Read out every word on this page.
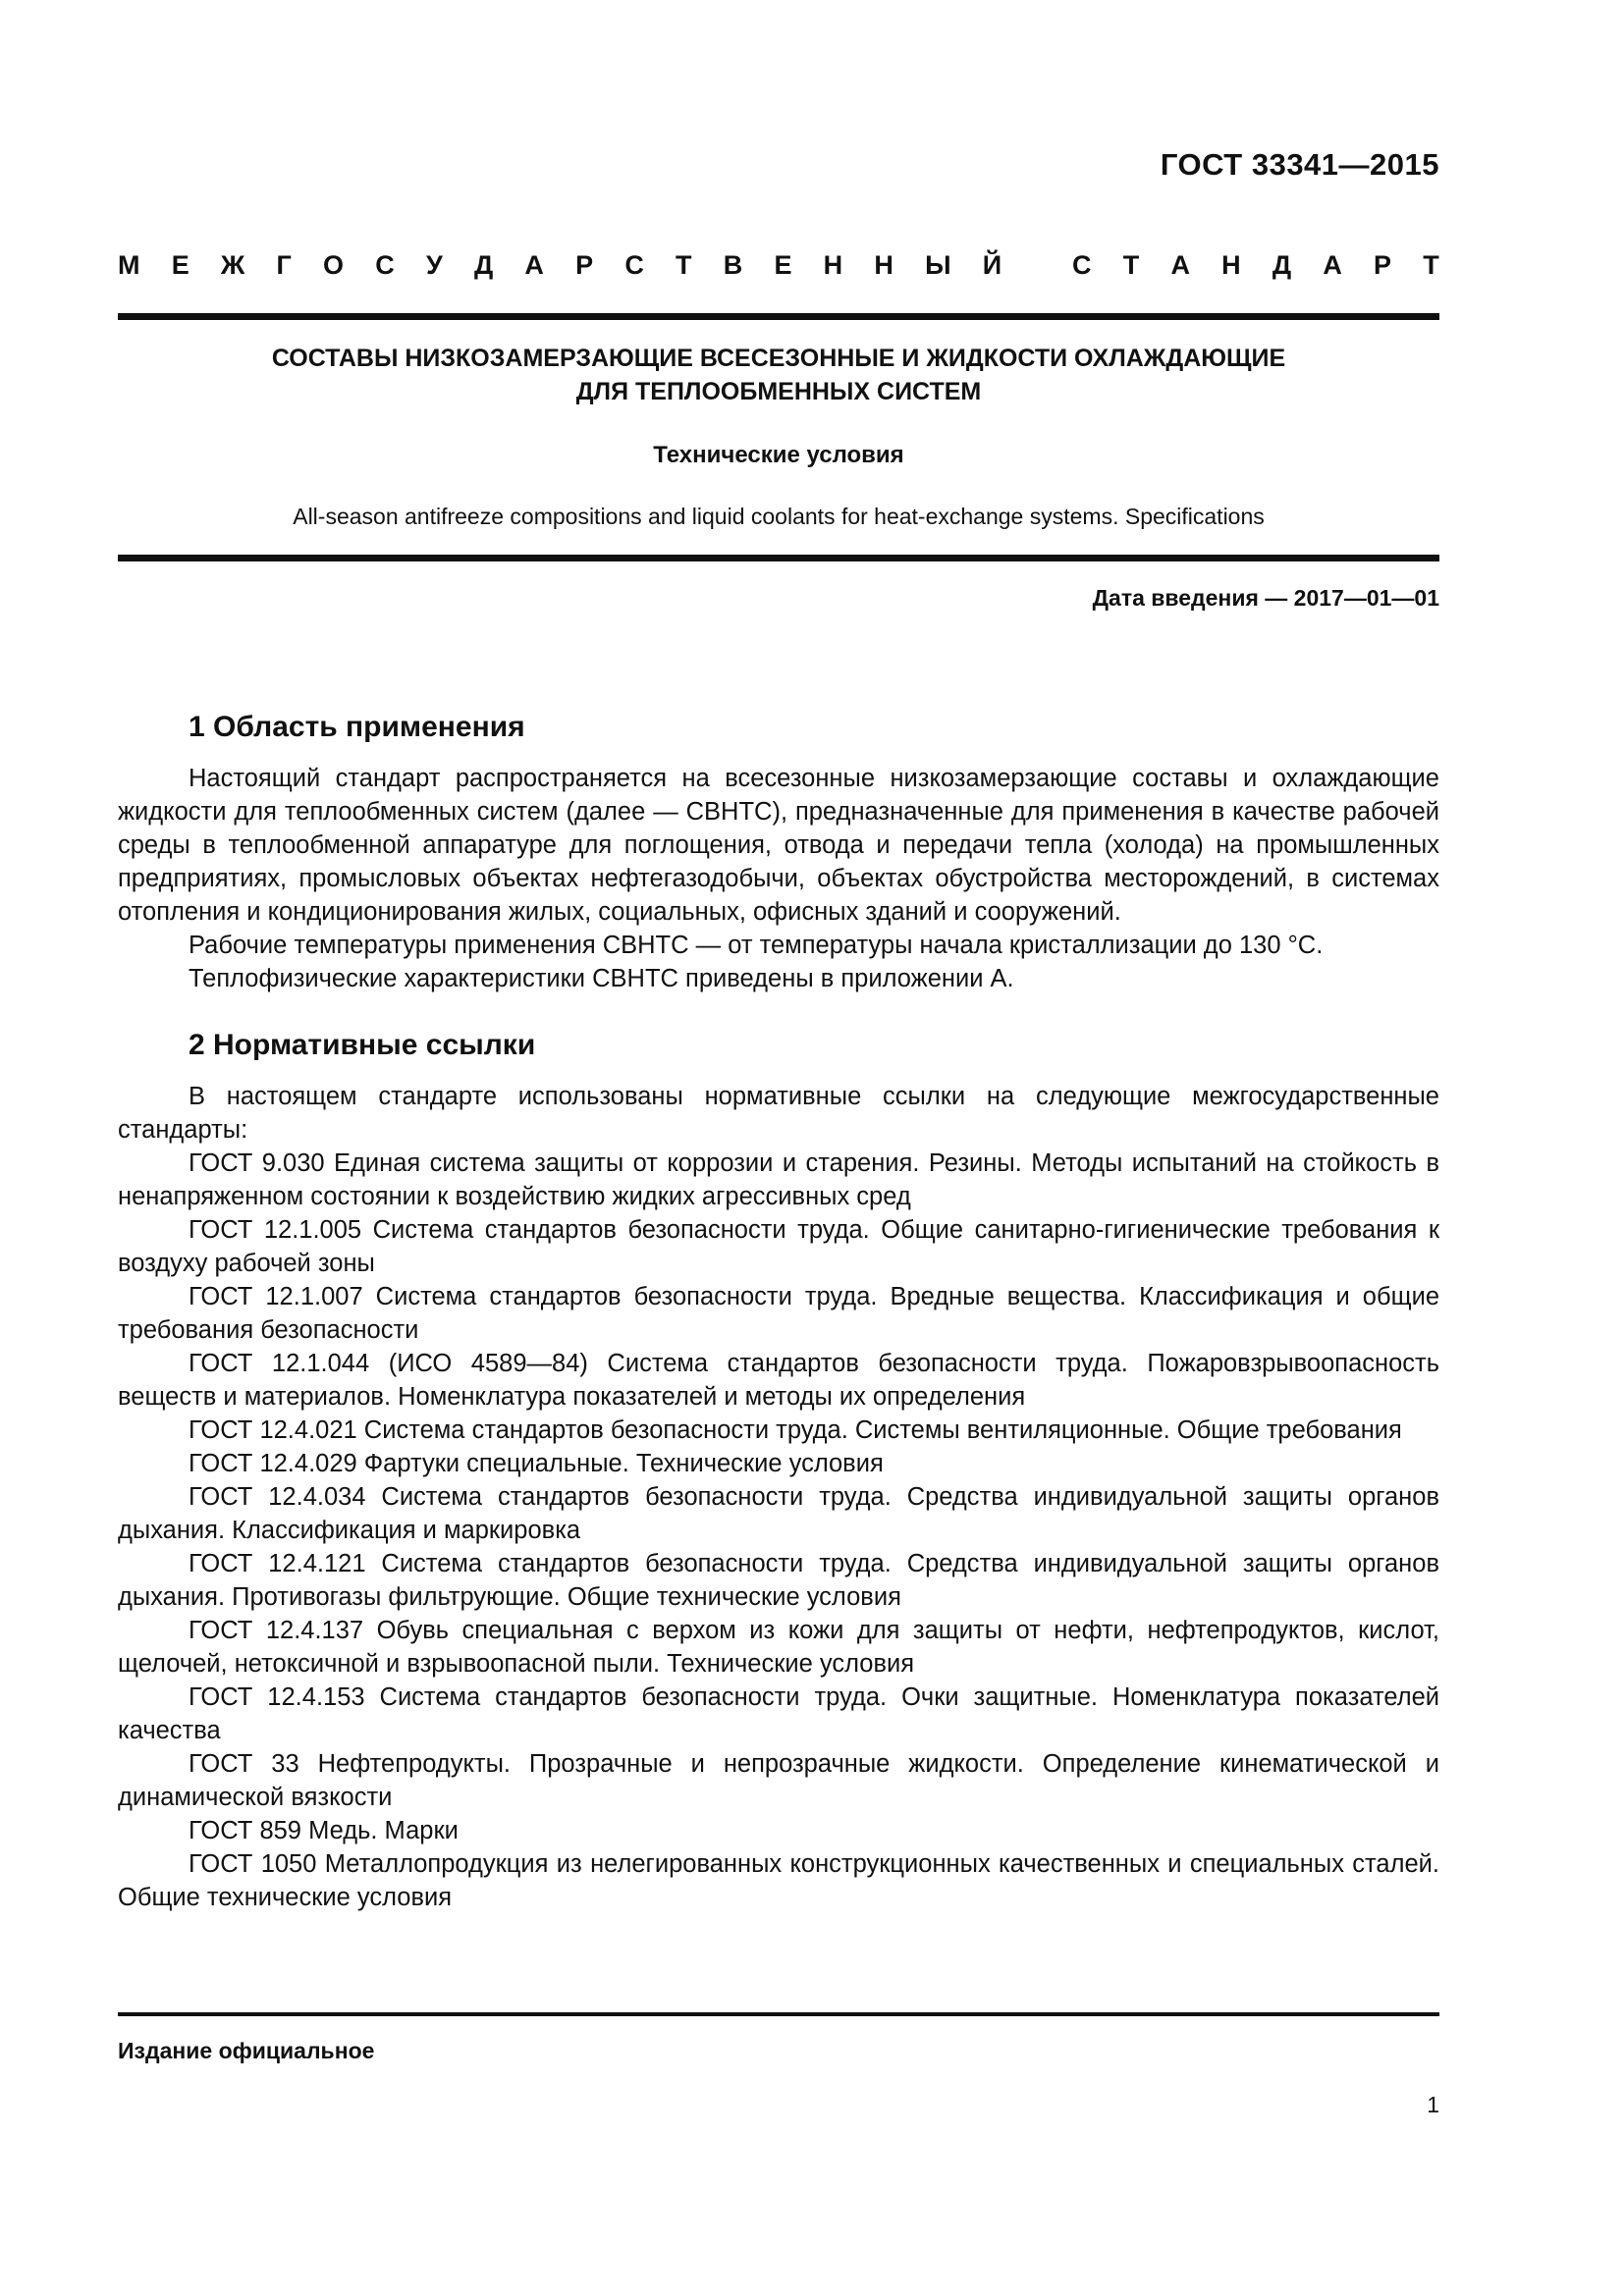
ГОСТ 33341—2015
М Е Ж Г О С У Д А Р С Т В Е Н Н Ы Й
	С Т А Н Д А Р Т
СОСТАВЫ НИЗКОЗАМЕРЗАЮЩИЕ ВСЕСЕЗОННЫЕ И ЖИДКОСТИ ОХЛАЖДАЮЩИЕ
ДЛЯ ТЕПЛООБМЕННЫХ СИСТЕМ
Технические условия
All-season antifreeze compositions and liquid coolants for heat-exchange systems. Specifications
Дата введения — 2017—01—01
1 Область применения

Настоящий стандарт распространяется на всесезонные низкозамерзающие составы и охлаждающие жидкости для теплообменных систем (далее — СВНТС), предназначенные для применения в качестве рабочей среды в теплообменной аппаратуре для поглощения, отвода и передачи тепла (холода) на промышленных предприятиях, промысловых объектах нефтегазодобычи, объектах обустройства месторождений, в системах отопления и кондиционирования жилых, социальных, офисных зданий и сооружений.

Рабочие температуры применения СВНТС — от температуры начала кристаллизации до 130 °С.

Теплофизические характеристики СВНТС приведены в приложении А.

2 Нормативные ссылки

В настоящем стандарте использованы нормативные ссылки на следующие межгосударственные стандарты:

ГОСТ 9.030 Единая система защиты от коррозии и старения. Резины. Методы испытаний на стойкость в ненапряженном состоянии к воздействию жидких агрессивных сред

ГОСТ 12.1.005 Система стандартов безопасности труда. Общие санитарно-гигиенические требования к воздуху рабочей зоны

ГОСТ 12.1.007 Система стандартов безопасности труда. Вредные вещества. Классификация и общие требования безопасности

ГОСТ 12.1.044 (ИСО 4589—84) Система стандартов безопасности труда. Пожаровзрывоопасность веществ и материалов. Номенклатура показателей и методы их определения

ГОСТ 12.4.021 Система стандартов безопасности труда. Системы вентиляционные. Общие требования

ГОСТ 12.4.029 Фартуки специальные. Технические условия

ГОСТ 12.4.034 Система стандартов безопасности труда. Средства индивидуальной защиты органов дыхания. Классификация и маркировка

ГОСТ 12.4.121 Система стандартов безопасности труда. Средства индивидуальной защиты органов дыхания. Противогазы фильтрующие. Общие технические условия

ГОСТ 12.4.137 Обувь специальная с верхом из кожи для защиты от нефти, нефтепродуктов, кислот, щелочей, нетоксичной и взрывоопасной пыли. Технические условия

ГОСТ 12.4.153 Система стандартов безопасности труда. Очки защитные. Номенклатура показателей качества

ГОСТ 33 Нефтепродукты. Прозрачные и непрозрачные жидкости. Определение кинематической и динамической вязкости

ГОСТ 859 Медь. Марки

ГОСТ 1050 Металлопродукция из нелегированных конструкционных качественных и специальных сталей. Общие технические условия

Издание официальное
1
